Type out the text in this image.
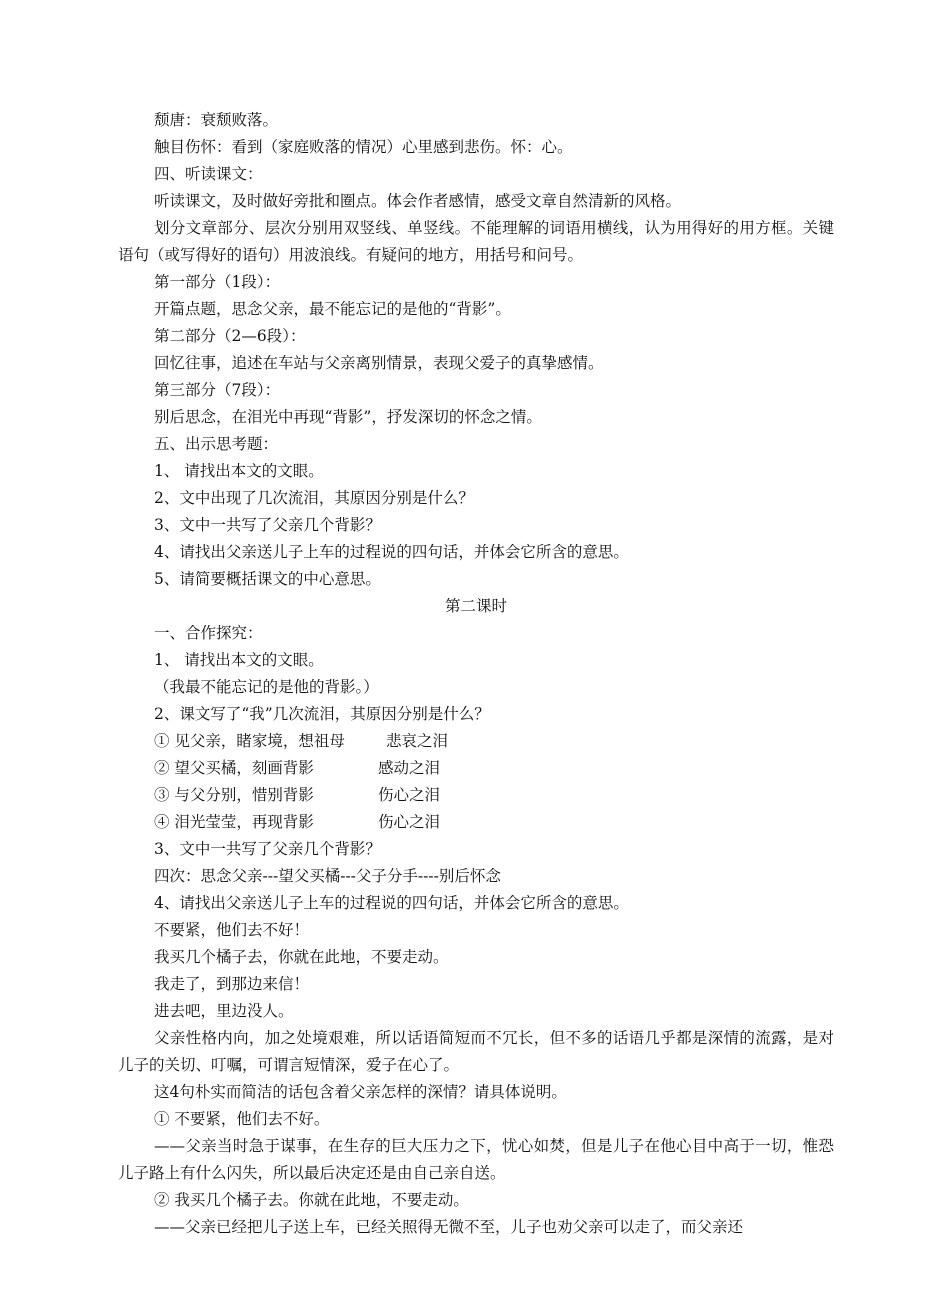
颓唐：衰颓败落。
触目伤怀：看到（家庭败落的情况）心里感到悲伤。怀：心。
四、听读课文：
听读课文，及时做好旁批和圈点。体会作者感情，感受文章自然清新的风格。
划分文章部分、层次分别用双竖线、单竖线。不能理解的词语用横线，认为用得好的用方框。关键语句（或写得好的语句）用波浪线。有疑问的地方，用括号和问号。
第一部分（1段）：
开篇点题，思念父亲，最不能忘记的是他的“背影”。
第二部分（2—6段）：
回忆往事，追述在车站与父亲离别情景，表现父爱子的真挚感情。
第三部分（7段）：
别后思念，在泪光中再现“背影”，抒发深切的怀念之情。
五、出示思考题：
1、 请找出本文的文眼。
2、文中出现了几次流泪，其原因分别是什么？
3、文中一共写了父亲几个背影？
4、请找出父亲送儿子上车的过程说的四句话，并体会它所含的意思。
5、请简要概括课文的中心意思。
第二课时
一、合作探究：
1、 请找出本文的文眼。
（我最不能忘记的是他的背影。）
2、课文写了“我”几次流泪，其原因分别是什么？
① 见父亲，睹家境，想祖母	悲哀之泪
② 望父买橘，刻画背影	感动之泪
③ 与父分别，惜别背影	伤心之泪
④ 泪光莹莹，再现背影	伤心之泪
3、文中一共写了父亲几个背影？
四次：思念父亲---望父买橘---父子分手----别后怀念
4、请找出父亲送儿子上车的过程说的四句话，并体会它所含的意思。
不要紧，他们去不好！
我买几个橘子去，你就在此地，不要走动。
我走了，到那边来信！
进去吧，里边没人。
父亲性格内向，加之处境艰难，所以话语简短而不冗长，但不多的话语几乎都是深情的流露，是对儿子的关切、叮嘱，可谓言短情深，爱子在心了。
这4句朴实而简洁的话包含着父亲怎样的深情？请具体说明。
① 不要紧，他们去不好。
——父亲当时急于谋事，在生存的巨大压力之下，忧心如焚，但是儿子在他心目中高于一切，惟恐儿子路上有什么闪失，所以最后决定还是由自己亲自送。
② 我买几个橘子去。你就在此地，不要走动。
——父亲已经把儿子送上车，已经关照得无微不至，儿子也劝父亲可以走了，而父亲还
